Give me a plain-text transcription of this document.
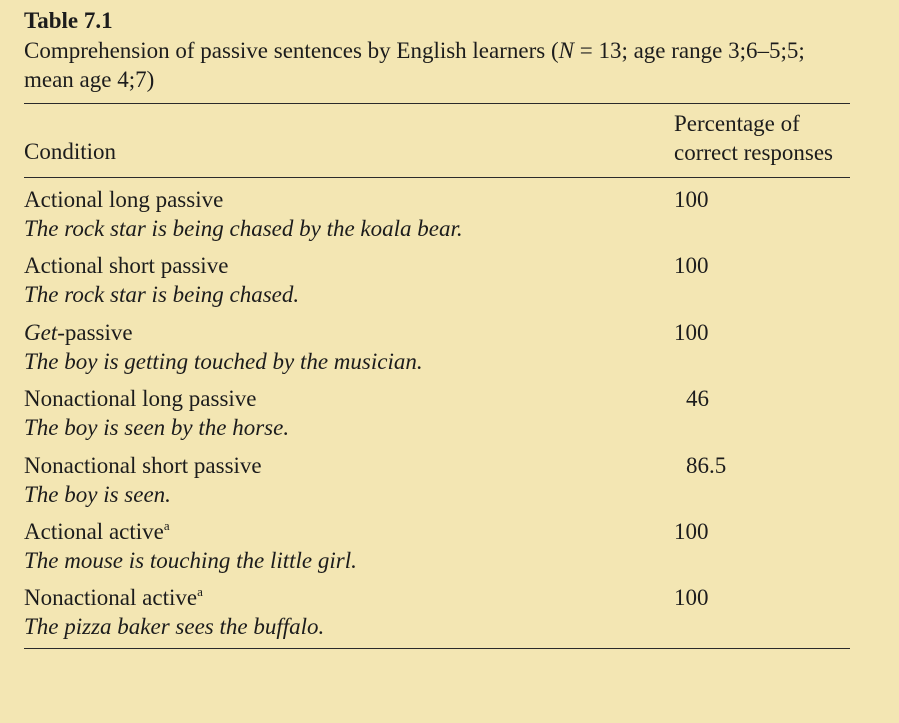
Table 7.1
Comprehension of passive sentences by English learners (N = 13; age range 3;6–5;5; mean age 4;7)
Condition
Percentage of
correct responses
Actional long passive
The rock star is being chased by the koala bear.
100
Actional short passive
The rock star is being chased.
100
Get-passive
The boy is getting touched by the musician.
100
Nonactional long passive
The boy is seen by the horse.
46
Nonactional short passive
The boy is seen.
86.5
Actional active$^a$
The mouse is touching the little girl.
100
Nonactional active$^a$
The pizza baker sees the buffalo.
100
